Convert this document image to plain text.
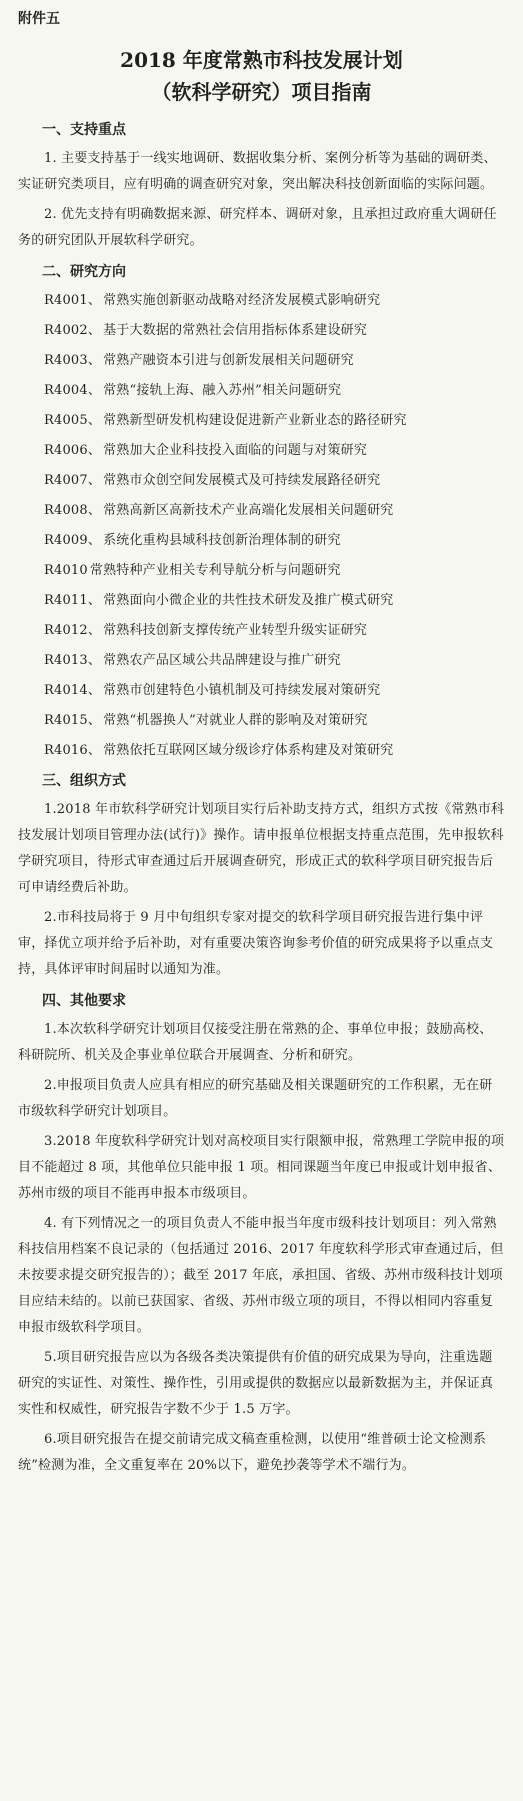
附件五
2018 年度常熟市科技发展计划
（软科学研究）项目指南
一、支持重点

1. 主要支持基于一线实地调研、数据收集分析、案例分析等为基础的调研类、实证研究类项目，应有明确的调查研究对象，突出解决科技创新面临的实际问题。

2. 优先支持有明确数据来源、研究样本、调研对象，且承担过政府重大调研任务的研究团队开展软科学研究。

二、研究方向

R4001、 常熟实施创新驱动战略对经济发展模式影响研究

R4002、 基于大数据的常熟社会信用指标体系建设研究

R4003、 常熟产融资本引进与创新发展相关问题研究

R4004、 常熟“接轨上海、融入苏州”相关问题研究

R4005、 常熟新型研发机构建设促进新产业新业态的路径研究

R4006、 常熟加大企业科技投入面临的问题与对策研究

R4007、 常熟市众创空间发展模式及可持续发展路径研究

R4008、 常熟高新区高新技术产业高端化发展相关问题研究

R4009、 系统化重构县域科技创新治理体制的研究

R4010 常熟特种产业相关专利导航分析与问题研究

R4011、 常熟面向小微企业的共性技术研发及推广模式研究

R4012、 常熟科技创新支撑传统产业转型升级实证研究

R4013、 常熟农产品区域公共品牌建设与推广研究

R4014、 常熟市创建特色小镇机制及可持续发展对策研究

R4015、 常熟“机器换人”对就业人群的影响及对策研究

R4016、 常熟依托互联网区域分级诊疗体系构建及对策研究

三、组织方式

1.2018 年市软科学研究计划项目实行后补助支持方式，组织方式按《常熟市科技发展计划项目管理办法(试行)》操作。请申报单位根据支持重点范围，先申报软科学研究项目，待形式审查通过后开展调查研究，形成正式的软科学项目研究报告后可申请经费后补助。

2.市科技局将于 9 月中旬组织专家对提交的软科学项目研究报告进行集中评审，择优立项并给予后补助，对有重要决策咨询参考价值的研究成果将予以重点支持，具体评审时间届时以通知为准。

四、其他要求

1.本次软科学研究计划项目仅接受注册在常熟的企、事单位申报；鼓励高校、科研院所、机关及企事业单位联合开展调查、分析和研究。

2.申报项目负责人应具有相应的研究基础及相关课题研究的工作积累，无在研市级软科学研究计划项目。

3.2018 年度软科学研究计划对高校项目实行限额申报，常熟理工学院申报的项目不能超过 8 项，其他单位只能申报 1 项。相同课题当年度已申报或计划申报省、苏州市级的项目不能再申报本市级项目。

4. 有下列情况之一的项目负责人不能申报当年度市级科技计划项目：列入常熟科技信用档案不良记录的（包括通过 2016、2017 年度软科学形式审查通过后，但未按要求提交研究报告的）；截至 2017 年底，承担国、省级、苏州市级科技计划项目应结未结的。以前已获国家、省级、苏州市级立项的项目，不得以相同内容重复申报市级软科学项目。

5.项目研究报告应以为各级各类决策提供有价值的研究成果为导向，注重选题研究的实证性、对策性、操作性，引用或提供的数据应以最新数据为主，并保证真实性和权威性，研究报告字数不少于 1.5 万字。

6.项目研究报告在提交前请完成文稿查重检测，以使用“维普硕士论文检测系统”检测为准，全文重复率在 20%以下，避免抄袭等学术不端行为。
